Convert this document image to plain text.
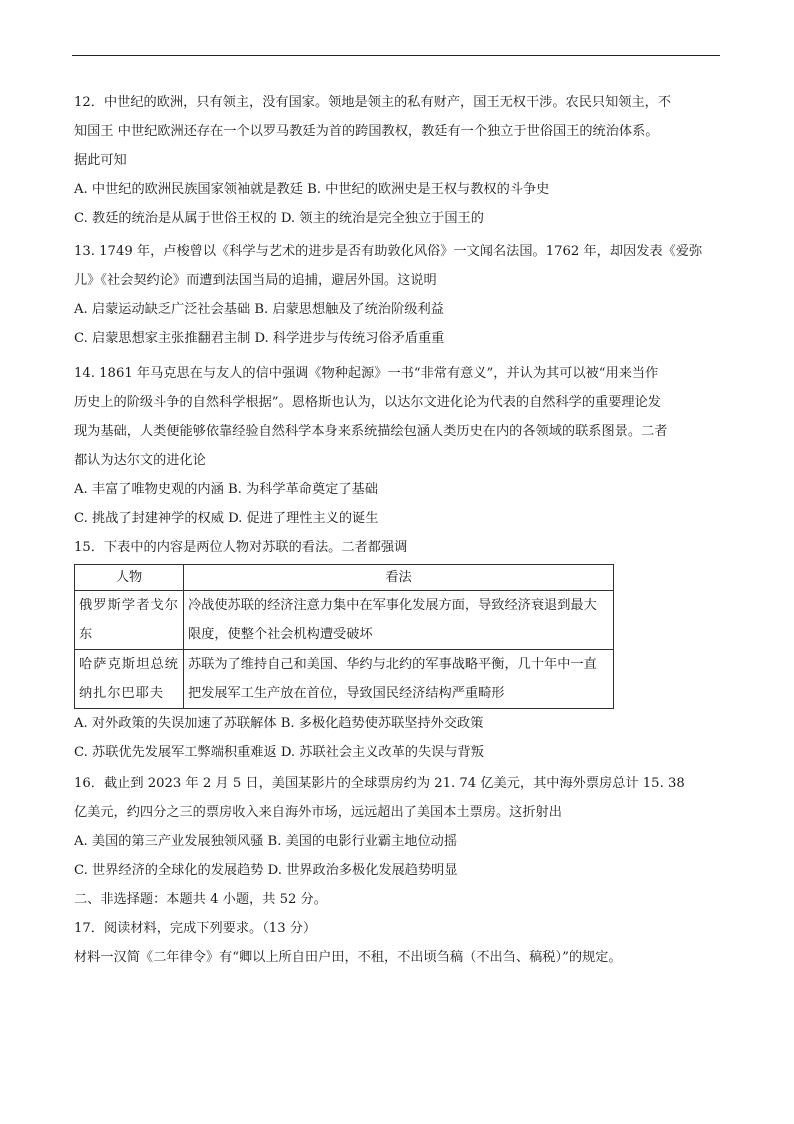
12．中世纪的欧洲，只有领主，没有国家。领地是领主的私有财产，国王无权干涉。农民只知领主，不
知国王 中世纪欧洲还存在一个以罗马教廷为首的跨国教权，教廷有一个独立于世俗国王的统治体系。
据此可知
A. 中世纪的欧洲民族国家领袖就是教廷 B. 中世纪的欧洲史是王权与教权的斗争史
C. 教廷的统治是从属于世俗王权的 D. 领主的统治是完全独立于国王的
13. 1749 年，卢梭曾以《科学与艺术的进步是否有助敦化风俗》一文闻名法国。1762 年，却因发表《爱弥
儿》《社会契约论》而遭到法国当局的追捕，避居外国。这说明
A. 启蒙运动缺乏广泛社会基础 B. 启蒙思想触及了统治阶级利益
C. 启蒙思想家主张推翻君主制 D. 科学进步与传统习俗矛盾重重
14. 1861 年马克思在与友人的信中强调《物种起源》一书“非常有意义”，并认为其可以被“用来当作
历史上的阶级斗争的自然科学根据”。恩格斯也认为，以达尔文进化论为代表的自然科学的重要理论发
现为基础，人类便能够依靠经验自然科学本身来系统描绘包涵人类历史在内的各领域的联系图景。二者
都认为达尔文的进化论
A. 丰富了唯物史观的内涵 B. 为科学革命奠定了基础
C. 挑战了封建神学的权威 D. 促进了理性主义的诞生
15．下表中的内容是两位人物对苏联的看法。二者都强调
人物	看法
俄罗斯学者戈尔东	冷战使苏联的经济注意力集中在军事化发展方面，导致经济衰退到最大限度，使整个社会机构遭受破坏
哈萨克斯坦总统纳扎尔巴耶夫	苏联为了维持自己和美国、华约与北约的军事战略平衡，几十年中一直把发展军工生产放在首位，导致国民经济结构严重畸形
A. 对外政策的失误加速了苏联解体 B. 多极化趋势使苏联坚持外交政策
C. 苏联优先发展军工弊端积重难返 D. 苏联社会主义改革的失误与背叛
16．截止到 2023 年 2 月 5 日，美国某影片的全球票房约为 21. 74 亿美元，其中海外票房总计 15. 38
亿美元，约四分之三的票房收入来自海外市场，远远超出了美国本土票房。这折射出
A. 美国的第三产业发展独领风骚 B. 美国的电影行业霸主地位动摇
C. 世界经济的全球化的发展趋势 D. 世界政治多极化发展趋势明显
二、非选择题：本题共 4 小题，共 52 分。
17．阅读材料，完成下列要求。（13 分）
材料一汉简《二年律令》有“卿以上所自田户田，不租，不出顷刍稿（不出刍、稿税）”的规定。
